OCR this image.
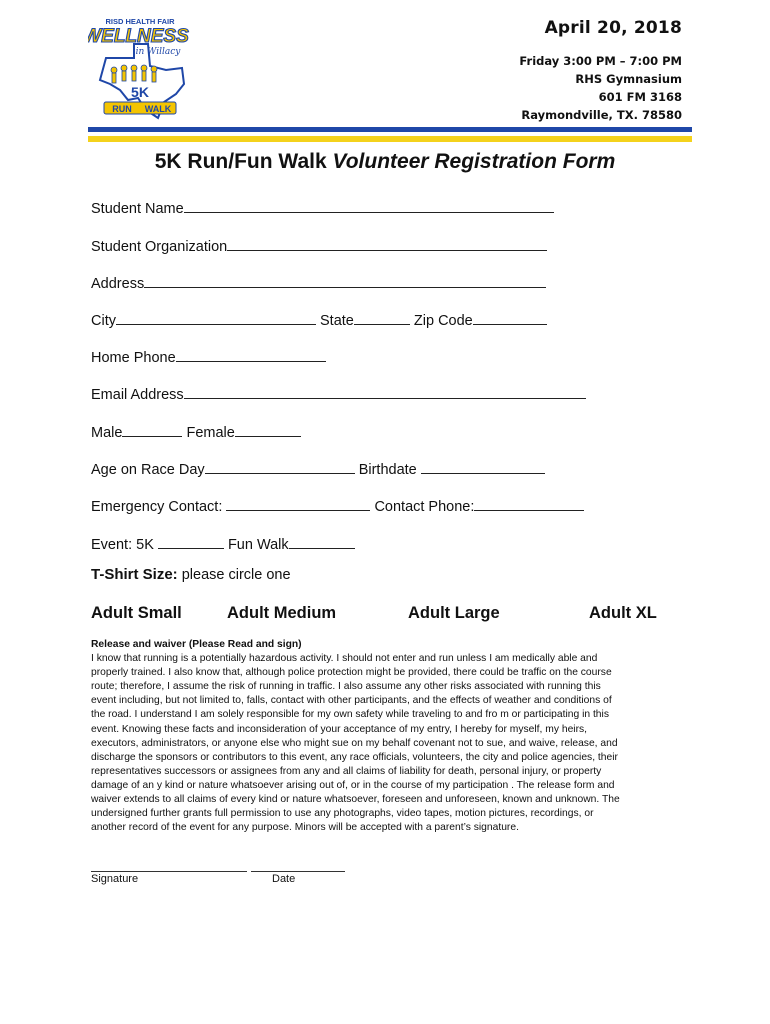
RISD HEALTH FAIR
WELLNESS
in Willacy
5K
RUN WALK
April 20, 2018
Friday 3:00 PM – 7:00 PM
RHS Gymnasium
601 FM 3168
Raymondville, TX. 78580
5K Run/Fun Walk Volunteer Registration Form
Student Name
Student Organization
Address
City	State	Zip Code
Home Phone
Email Address
Male	Female
Age on Race Day	Birthdate
Emergency Contact:	Contact Phone:
Event: 5K	Fun Walk
T-Shirt Size: please circle one
Adult Small	Adult Medium	Adult Large	Adult XL
Release and waiver (Please Read and sign)
I know that running is a potentially hazardous activity. I should not enter and run unless I am medically able and
properly trained. I also know that, although police protection might be provided, there could be traffic on the course
route; therefore, I assume the risk of running in traffic. I also assume any other risks associated with running this
event including, but not limited to, falls, contact with other participants, and the effects of weather and conditions of
the road. I understand I am solely responsible for my own safety while traveling to and fro m or participating in this
event. Knowing these facts and inconsideration of your acceptance of my entry, I hereby for myself, my heirs,
executors, administrators, or anyone else who might sue on my behalf covenant not to sue, and waive, release, and
discharge the sponsors or contributors to this event, any race officials, volunteers, the city and police agencies, their
representatives successors or assignees from any and all claims of liability for death, personal injury, or property
damage of an y kind or nature whatsoever arising out of, or in the course of my participation . The release form and
waiver extends to all claims of every kind or nature whatsoever, foreseen and unforeseen, known and unknown. The
undersigned further grants full permission to use any photographs, video tapes, motion pictures, recordings, or
another record of the event for any purpose. Minors will be accepted with a parent’s signature.
Signature	Date
